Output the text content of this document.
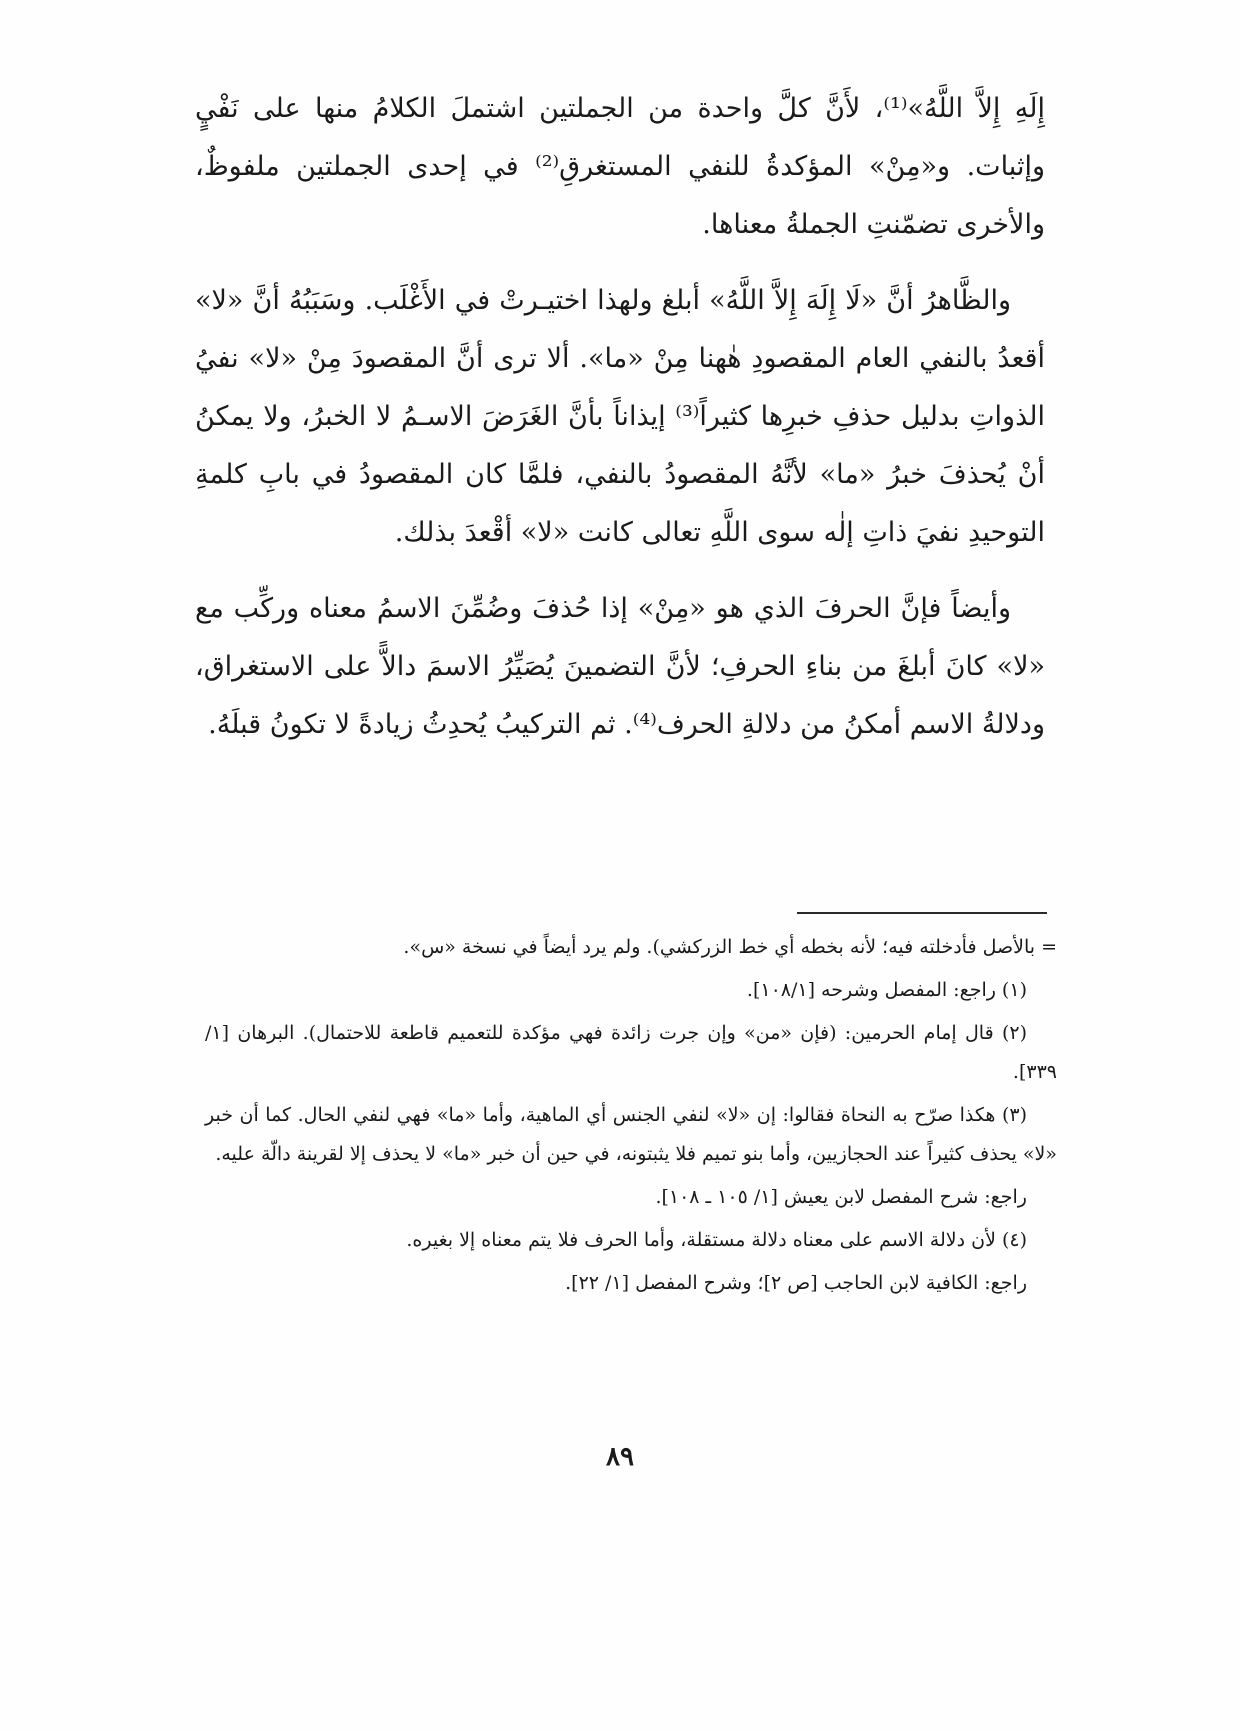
إِلَهِ إِلاَّ اللَّهُ»⁽¹⁾، لأَنَّ كلَّ واحدة من الجملتين اشتملَ الكلامُ منها على نَفْيٍ وإثبات. و«مِنْ» المؤكدةُ للنفي المستغرقِ⁽²⁾ في إحدى الجملتين ملفوظٌ، والأخرى تضمّنتِ الجملةُ معناها.

والظَّاهرُ أنَّ «لَا إِلَهَ إِلاَّ اللَّهُ» أبلغ ولهذا اختيـرتْ في الأَغْلَب. وسَبَبُهُ أنَّ «لا» أقعدُ بالنفي العام المقصودِ هٰهنا مِنْ «ما». ألا ترى أنَّ المقصودَ مِنْ «لا» نفيُ الذواتِ بدليل حذفِ خبرِها كثيراً⁽³⁾ إيذاناً بأنَّ الغَرَضَ الاسـمُ لا الخبرُ، ولا يمكنُ أنْ يُحذفَ خبرُ «ما» لأنَّهُ المقصودُ بالنفي، فلمَّا كان المقصودُ في بابِ كلمةِ التوحيدِ نفيَ ذاتِ إلٰه سوى اللَّهِ تعالى كانت «لا» أقْعدَ بذلك.

وأيضاً فإنَّ الحرفَ الذي هو «مِنْ» إذا حُذفَ وضُمِّنَ الاسمُ معناه وركِّب مع «لا» كانَ أبلغَ من بناءِ الحرفِ؛ لأنَّ التضمينَ يُصَيِّرُ الاسمَ دالاًّ على الاستغراق، ودلالةُ الاسم أمكنُ من دلالةِ الحرف⁽⁴⁾. ثم التركيبُ يُحدِثُ زيادةً لا تكونُ قبلَهُ.

= بالأصل فأدخلته فيه؛ لأنه بخطه أي خط الزركشي). ولم يرد أيضاً في نسخة «س».

(١) راجع: المفصل وشرحه [١٠٨/١].

(٢) قال إمام الحرمين: (فإن «من» وإن جرت زائدة فهي مؤكدة للتعميم قاطعة للاحتمال). البرهان [١/ ٣٣٩].

(٣) هكذا صرّح به النحاة فقالوا: إن «لا» لنفي الجنس أي الماهية، وأما «ما» فهي لنفي الحال. كما أن خبر «لا» يحذف كثيراً عند الحجازيين، وأما بنو تميم فلا يثبتونه، في حين أن خبر «ما» لا يحذف إلا لقرينة دالّة عليه.

راجع: شرح المفصل لابن يعيش [١/ ١٠٥ ـ ١٠٨].

(٤) لأن دلالة الاسم على معناه دلالة مستقلة، وأما الحرف فلا يتم معناه إلا بغيره.

راجع: الكافية لابن الحاجب [ص ٢]؛ وشرح المفصل [١/ ٢٢].

٨٩
